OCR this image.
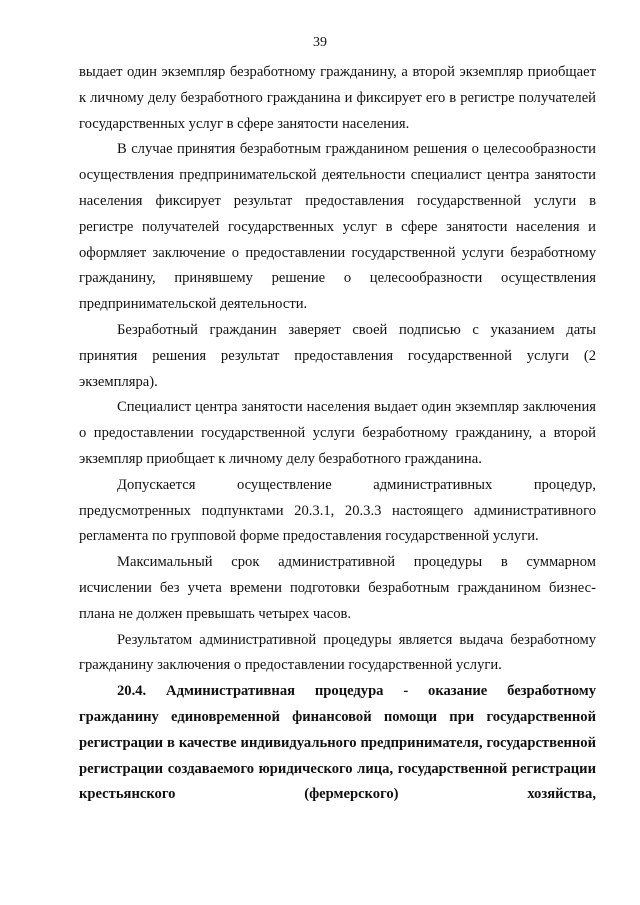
39

выдает один экземпляр безработному гражданину, а второй экземпляр приобщает к личному делу безработного гражданина и фиксирует его в регистре получателей государственных услуг в сфере занятости населения.

В случае принятия безработным гражданином решения о целесообразности осуществления предпринимательской деятельности специалист центра занятости населения фиксирует результат предоставления государственной услуги в регистре получателей государственных услуг в сфере занятости населения и оформляет заключение о предоставлении государственной услуги безработному гражданину, принявшему решение о целесообразности осуществления предпринимательской деятельности.

Безработный гражданин заверяет своей подписью с указанием даты принятия решения результат предоставления государственной услуги (2 экземпляра).

Специалист центра занятости населения выдает один экземпляр заключения о предоставлении государственной услуги безработному гражданину, а второй экземпляр приобщает к личному делу безработного гражданина.

Допускается осуществление административных процедур, предусмотренных подпунктами 20.3.1, 20.3.3 настоящего административного регламента по групповой форме предоставления государственной услуги.

Максимальный срок административной процедуры в суммарном исчислении без учета времени подготовки безработным гражданином бизнес-плана не должен превышать четырех часов.

Результатом административной процедуры является выдача безработному гражданину заключения о предоставлении государственной услуги.

20.4. Административная процедура - оказание безработному гражданину единовременной финансовой помощи при государственной регистрации в качестве индивидуального предпринимателя, государственной регистрации создаваемого юридического лица, государственной регистрации крестьянского (фермерского) хозяйства,
